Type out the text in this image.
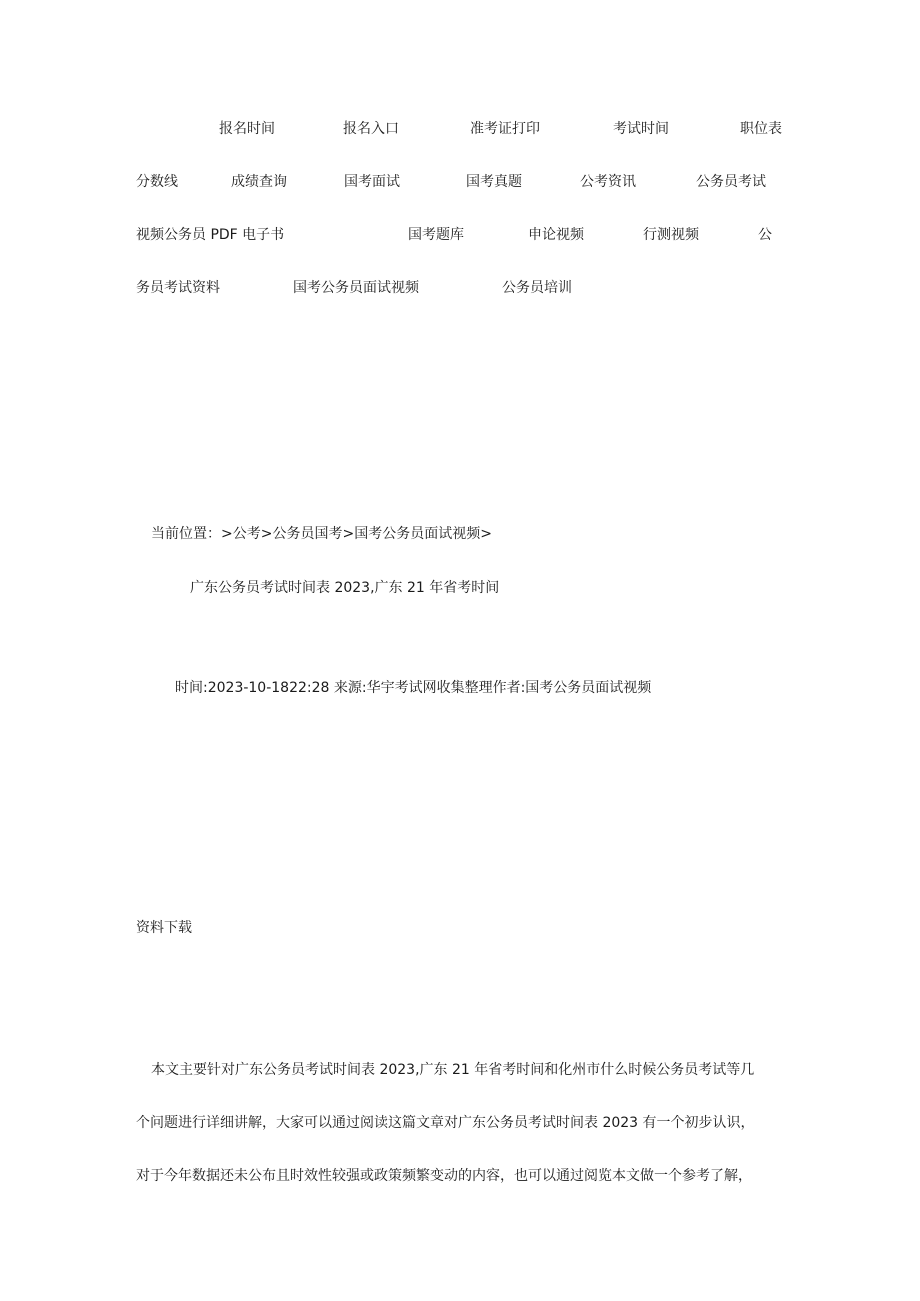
报名时间	报名入口	准考证打印	考试时间	职位表
分数线	成绩查询	国考面试	国考真题	公考资讯	公务员考试
视频公务员 PDF 电子书	国考题库	申论视频	行测视频	公
务员考试资料	国考公务员面试视频	公务员培训
当前位置：>公考>公务员国考>国考公务员面试视频>
广东公务员考试时间表 2023,广东 21 年省考时间
时间:2023-10-1822:28 来源:华宇考试网收集整理作者:国考公务员面试视频
资料下载
本文主要针对广东公务员考试时间表 2023,广东 21 年省考时间和化州市什么时候公务员考试等几
个问题进行详细讲解，大家可以通过阅读这篇文章对广东公务员考试时间表 2023 有一个初步认识，
对于今年数据还未公布且时效性较强或政策频繁变动的内容，也可以通过阅览本文做一个参考了解，
